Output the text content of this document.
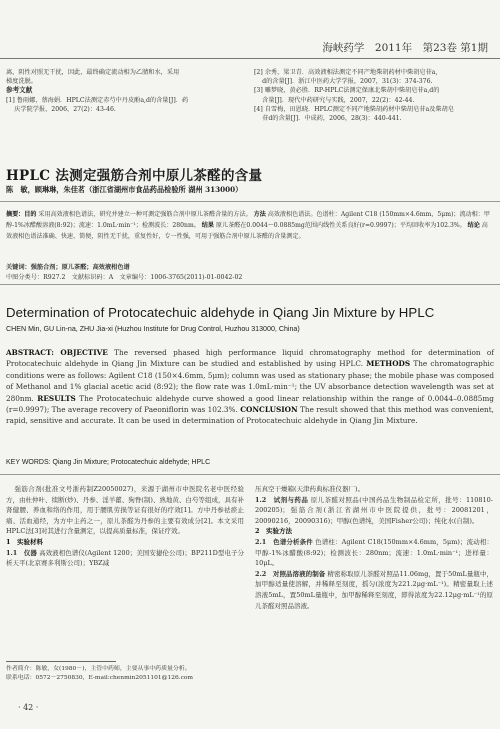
海峡药学　2011年　第23卷 第1期

离，阴性对照无干扰，因此，最终确定流动相为乙腈和水，采用

梯度洗脱。

参考文献

[1] 鲁雨娜，蔡海娟．HPLC法测定赤芍中丹皮酚a,d的含量[J]．药

　 庆学院学报，2006，27(2)：43-46.

[2] 余秀，梁卫青．高效液相法测定不同产地柴胡药材中柴胡皂苷a,

　 d的含量[J]．浙江中医药大学学报，2007，31(3)：374-376.

[3] 雕梦晓，黄必胜．RP-HPLC法测定保康北柴胡中柴胡皂苷a,d的

　 含量[J]．现代中药研究与实践，2007，22(2)：42-44.

[4] 自雪梅，田恩晓．HPLC测定不同产地柴胡药材中柴胡皂苷a及柴胡皂

　 苷d的含量[J]．中成药，2006，28(3)：440-441.

HPLC 法测定强筋合剂中原儿茶醛的含量
陈　敏，顾琳琳，朱佳茗（浙江省湖州市食品药品检验所 湖州 313000）
摘要：目的 采用高效液相色谱法，研究并建立一种可测定强筋合剂中原儿茶醛含量的方法。 方法 高效液相色谱法。色谱柱：Agilent C18 (150mm×4.6mm，5μm)；流动相：甲醇-1%冰醋酸溶液(8:92)；流速：1.0mL·min⁻¹；检测波长：280nm。 结果 原儿茶醛在0.0044～0.0885mg范围内线性关系良好(r=0.9997)；平均回收率为102.3%。 结论 高效液相色谱法准确、快速、简便，阴性无干扰，重复性好，专一性强，可用于强筋合剂中原儿茶醛的含量测定。
关键词：强筋合剂；原儿茶醛；高效液相色谱
中图分类号：R927.2　文献标识码：A　文章编号：1006-3765(2011)-01-0042-02
Determination of Protocatechuic aldehyde in Qiang Jin Mixture by HPLC
CHEN Min, GU Lin-na, ZHU Jia-xi (Huzhou Institute for Drug Control, Huzhou 313000, China)
ABSTRACT: OBJECTIVE The reversed phased high performance liquid chromatography method for determination of Protocatechuic aldehyde in Qiang Jin Mixture can be studied and established by using HPLC. METHODS The chromatographic conditions were as follows: Agilent C18 (150×4.6mm, 5μm); column was used as stationary phase; the mobile phase was composed of Methanol and 1% glacial acetic acid (8:92); the flow rate was 1.0mL·min⁻¹; the UV absorbance detection wavelength was set at 280nm. RESULTS The Protocatechuic aldehyde curve showed a good linear relationship within the range of 0.0044–0.0885mg (r=0.9997); The average recovery of Paeoniflorin was 102.3%. CONCLUSION The result showed that this method was convenient, rapid, sensitive and accurate. It can be used in determination of Protocatechuic aldehyde in Qiang Jin Mixture.
KEY WORDS: Qiang Jin Mixture; Protocatechuic aldehyde; HPLC

强筋合剂(批准文号浙药制Z20050027)，来源于湖州市中医院名老中医经验方，由杜仲叶、续断(炒)、丹参、淫羊藿、狗脊(制)、熟地黄、白芍等组成，具有补肾健腰、养血和络的作用，用于腰肌劳损等证有很好的疗效[1]。方中丹参祛瘀止痛、活血通经，为方中主药之一，原儿茶醛为丹参的主要有效成分[2]。本文采用HPLC法[3]对其进行含量测定，以提高质量标准，保证疗效。

1　实验材料

1.1　仪器 高效液相色谱仪(Agilent 1200；美国安捷伦公司)；BP211D型电子分析天平(北京赛多利斯公司)；YBZ减

压真空干燥箱(天津药典标准仪器厂)。

1.2　试剂与药品 原儿茶醛对照品(中国药品生物制品检定所，批号：110810-200205)；强筋合剂(浙江省湖州市中医院提供，批号：20081201，20090216，20090316)；甲醇(色谱纯，美国Fisher公司)；纯化水(自制)。

2　实验方法

2.1　色谱分析条件 色谱柱：Agilent C18(150mm×4.6mm，5μm)；流动相：甲醇-1%冰醋酸(8:92)；检测波长：280nm；流速：1.0mL·min⁻¹；进样量：10μL。

2.2　对照品溶液的制备 精密称取原儿茶醛对照品11.06mg，置于50mL量瓶中，加甲醇适量使溶解，并稀释至刻度，摇匀(浓度为221.2μg·mL⁻¹)。精密量取上述溶液5mL，置50mL量瓶中，加甲醇稀释至刻度，即得浓度为22.12μg·mL⁻¹的原儿茶醛对照品溶液。

作者简介：陈敏，女(1980－)，主管中药师，主要从事中药质量分析。
联系电话：0572－2750830，E-mail:chenmin2051101@126.com
· 42 ·
